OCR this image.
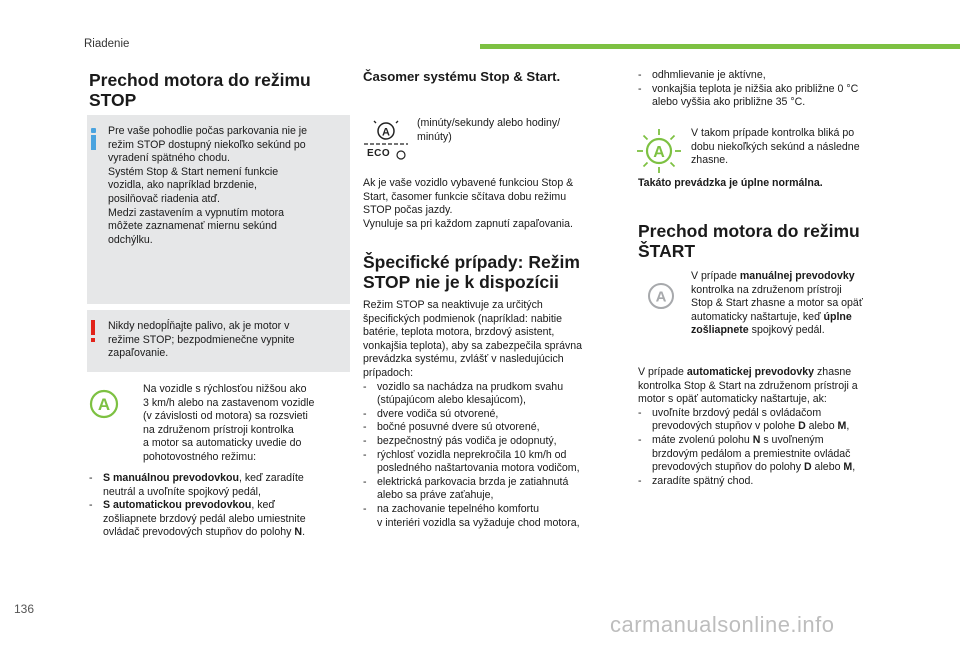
Riadenie
Prechod motora do režimu
STOP
Pre vaše pohodlie počas parkovania nie je
režim STOP dostupný niekoľko sekúnd po
vyradení spätného chodu.
Systém Stop & Start nemení funkcie
vozidla, ako napríklad brzdenie,
posilňovač riadenia atď.
Medzi zastavením a vypnutím motora
môžete zaznamenať miernu sekúnd
odchýlku.
Nikdy nedopĺňajte palivo, ak je motor v
režime STOP; bezpodmienečne vypnite
zapaľovanie.
A
Na vozidle s rýchlosťou nižšou ako
3 km/h alebo na zastavenom vozidle
(v závislosti od motora) sa rozsvieti
na združenom prístroji kontrolka
a motor sa automaticky uvedie do
pohotovostného režimu:
- S manuálnou prevodovkou, keď zaradíte
neutrál a uvoľníte spojkový pedál,
- S automatickou prevodovkou, keď
zošliapnete brzdový pedál alebo umiestnite
ovládač prevodových stupňov do polohy N.
Časomer systému Stop & Start.
A
ECO
(minúty/sekundy alebo hodiny/
minúty)
Ak je vaše vozidlo vybavené funkciou Stop &
Start, časomer funkcie sčítava dobu režimu
STOP počas jazdy.
Vynuluje sa pri každom zapnutí zapaľovania.
Špecifické prípady: Režim
STOP nie je k dispozícii
Režim STOP sa neaktivuje za určitých
špecifických podmienok (napríklad: nabitie
batérie, teplota motora, brzdový asistent,
vonkajšia teplota), aby sa zabezpečila správna
prevádzka systému, zvlášť v nasledujúcich
prípadoch:
- vozidlo sa nachádza na prudkom svahu
(stúpajúcom alebo klesajúcom),
- dvere vodiča sú otvorené,
- bočné posuvné dvere sú otvorené,
- bezpečnostný pás vodiča je odopnutý,
- rýchlosť vozidla neprekročila 10 km/h od
posledného naštartovania motora vodičom,
- elektrická parkovacia brzda je zatiahnutá
alebo sa práve zaťahuje,
- na zachovanie tepelného komfortu
v interiéri vozidla sa vyžaduje chod motora,
- odhmlievanie je aktívne,
- vonkajšia teplota je nižšia ako približne 0 °C
alebo vyššia ako približne 35 °C.
A
V takom prípade kontrolka bliká po
dobu niekoľkých sekúnd a následne
zhasne.
Takáto prevádzka je úplne normálna.
Prechod motora do režimu
ŠTART
A
V prípade manuálnej prevodovky
kontrolka na združenom prístroji
Stop & Start zhasne a motor sa opäť
automaticky naštartuje, keď úplne
zošliapnete spojkový pedál.
V prípade automatickej prevodovky zhasne
kontrolka Stop & Start na združenom prístroji a
motor s opäť automaticky naštartuje, ak:
- uvoľníte brzdový pedál s ovládačom
prevodových stupňov v polohe D alebo M,
- máte zvolenú polohu N s uvoľneným
brzdovým pedálom a premiestnite ovládač
prevodových stupňov do polohy D alebo M,
- zaradíte spätný chod.
136
carmanualsonline.info
